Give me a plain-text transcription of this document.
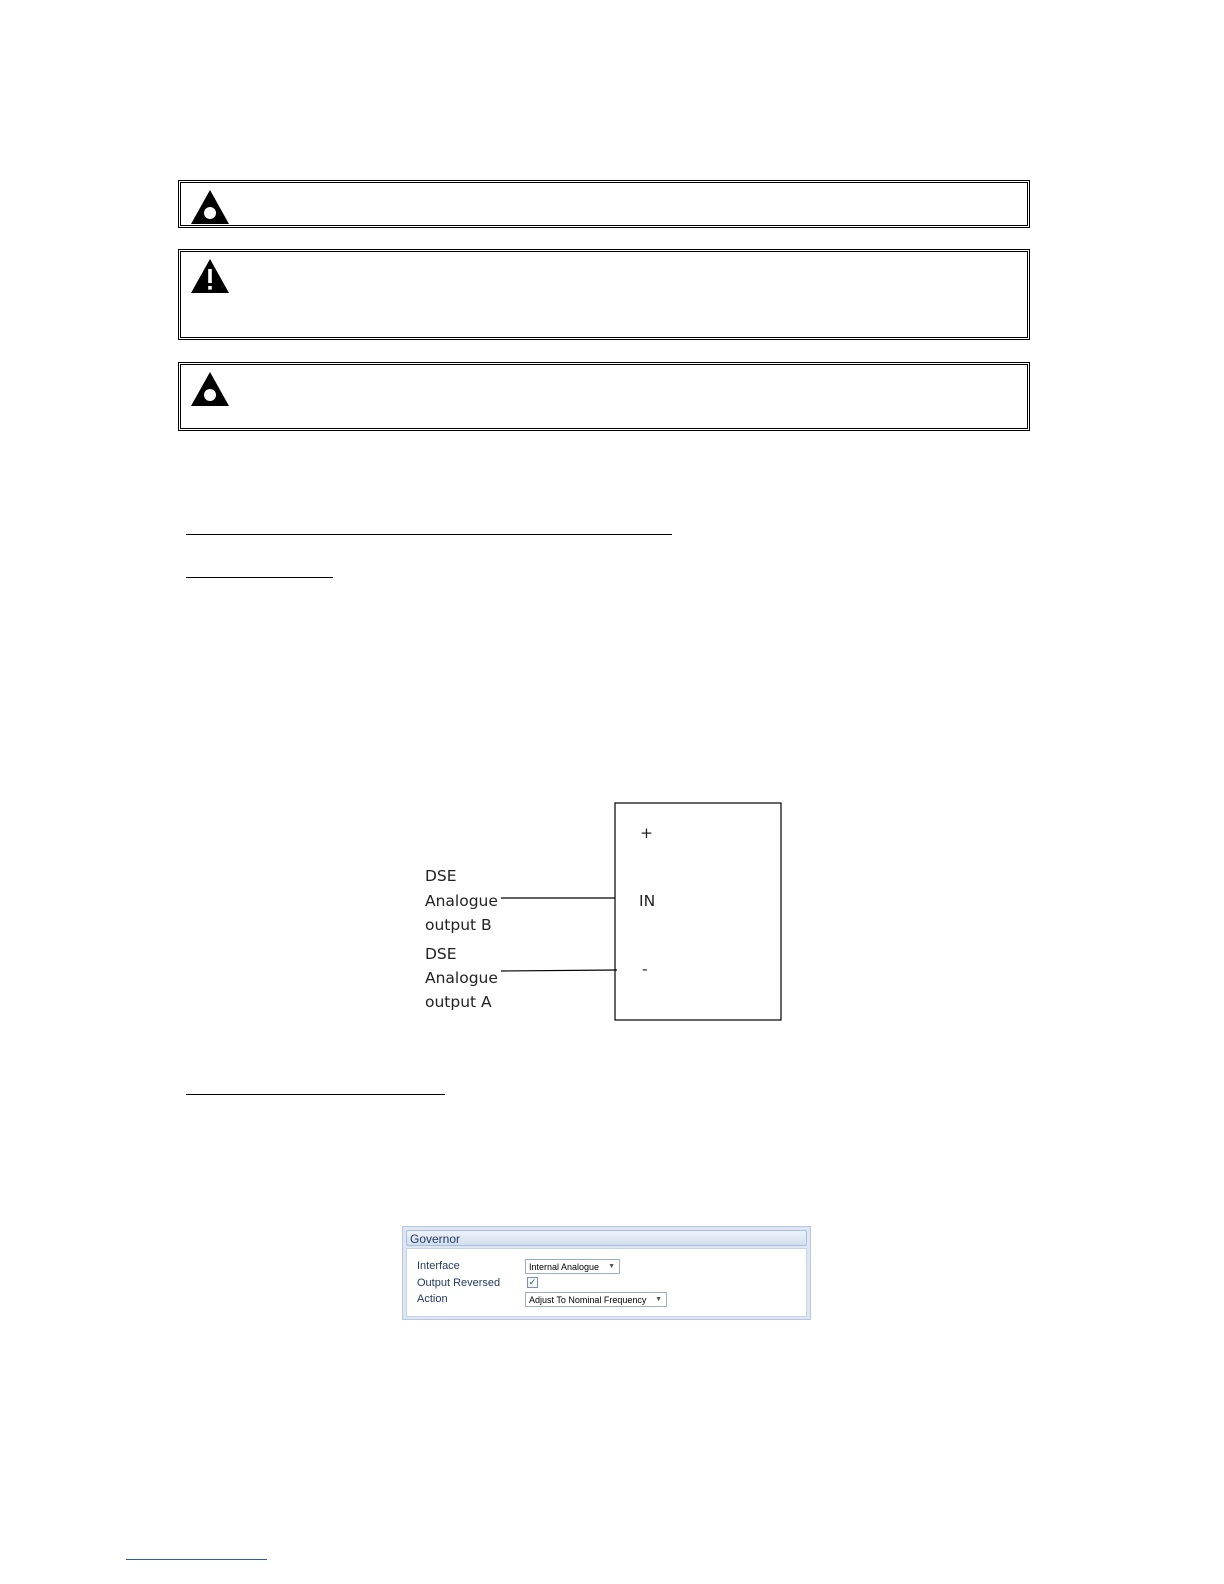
DSE
Analogue
output B
DSE
Analogue
output A
+
IN
-
Governor
Interface	Internal Analogue ▼
Output Reversed	✓
Action	Adjust To Nominal Frequency ▼
